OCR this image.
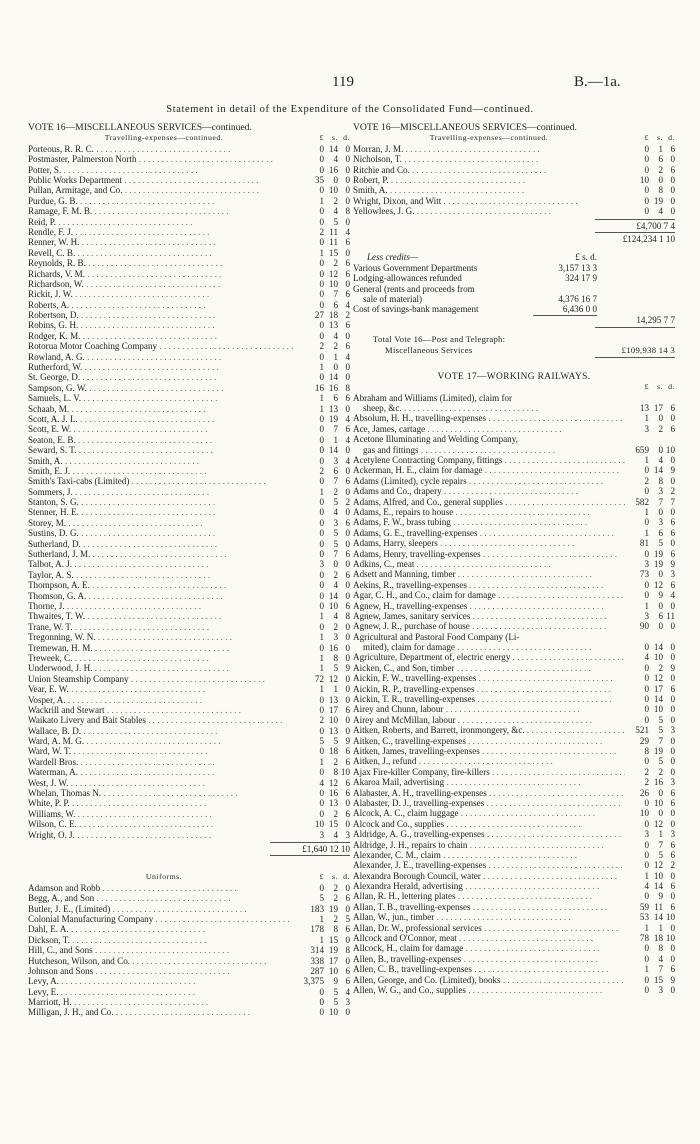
119	B.—1a.
Statement in detail of the Expenditure of the Consolidated Fund—continued.
VOTE 16—MISCELLANEOUS SERVICES—continued.
Travelling-expenses—continued.	£	s. d.
Porteous, R. R. C. . .	0 14 0
Postmaster, Palmerston North . .	0	4 0
Potter, S. . .	0 16 0
Public Works Department . .	35	0 0
Pullan, Armitage, and Co. . .	0 10 0
Purdue, G. B. . .	1	2 0
Ramage, F. M. B. . .	0	4 8
Reid, P. . .	0	5 0
Rendle, F. J. . .	2 11 4
Renner, W. H. . .	0 11 6
Revell, C. B. . .	1 15 0
Reynolds, R. B. . .	0	2 6
Richards, V. M. . .	0 12 6
Richardson, W. . .	0 10 0
Rickit, J. W. . .	0	7 6
Roberts, A. . .	0	6 4
Robertson, D. . .	27 18 2
Robins, G. H. . .	0 13 6
Rodger, K. M. . .	0	4 0
Rotorua Motor Coaching Company . .	2	2 6
Rowland, A. G. . .	0	1 4
Rutherford, W. . .	1	0 0
St. George, D. . .	0 14 0
Sampson, G. W. . .	16 16 8
Samuels, L. V. . .	1	6 6
Schaab, M. . .	1 13 0
Scott, A. J. L. . .	0 19 4
Scott, E. W. . .	0	7 6
Seaton, E. B. . .	0	1 4
Seward, S. T. . .	0 14 0
Smith, A. . .	0	3 4
Smith, E. J. . .	2	6 0
Smith's Taxi-cabs (Limited) . .	0	7 6
Sommers, J. . .	1	2 0
Stanton, S. G. . .	0	5 2
Stenner, H. E. . .	0	4 0
Storey, M. . .	0	3 6
Sustins, D. G. . .	0	5 0
Sutherland, D. . .	0	5 0
Sutherland, J. M. . .	0	7 6
Talbot, A. J. . .	3	0 0
Taylor, A. S. . .	0	2 6
Thompson, A. E. . .	0	4 0
Thomson, G. A. . .	0 14 0
Thorne, J. . .	0 10 6
Thwaites, T. W. . .	1	4 8
Trane, W. T. . .	0	2 0
Tregonning, W. N. . .	1	3 0
Tremewan, H. M. . .	0 16 0
Treweek, C. . .	1	8 0
Underwood, J. H. . .	1	5 9
Union Steamship Company . .	72 12 0
Vear, E. W. . .	1	1 0
Vosper, A. . .	0 13 0
Wackrill and Stewart . .	0 17 6
Waikato Livery and Bait Stables . .	2 10 0
Wallace, B. D. . .	0 13 0
Ward, A. M. G. . .	5	5 9
Ward, W. T. . .	0 18 6
Wardell Bros. . .	1	2 6
Waterman, A. . .	0	8 10
West, J. W. . .	4 12 6
Whelan, Thomas N. . .	0 16 6
White, P. P. . .	0 13 0
Williams, W. . .	0	2 6
Wilson, C. E. . .	10 15 0
Wright, O. J. . .	3	4 3
£1,640 12 10
Uniforms.	£	s. d.
Adamson and Robb . .	0	2 0
Begg, A., and Son . .	5	2 6
Butler, J. E., (Limited) . .	183 19 0
Colonial Manufacturing Company . .	1	2 5
Dahl, E. A. . .	178	8 6
Dickson, T. . .	1 15 0
Hill, C., and Sons . .	314 19 8
Hutcheson, Wilson, and Co. . .	338 17 0
Johnson and Sons . .	287 10 6
Levy, A. . .	3,375	9 6
Levy, E. . .	0	5 4
Marriott, H. . .	0	5 3
Milligan, J. H., and Co. . .	0 10 0
VOTE 16—MISCELLANEOUS SERVICES—continued.
Travelling-expenses—continued.	£	s. d.
Morran, J. M. . .	0	1 6
Nicholson, T. . .	0	6 0
Ritchie and Co. . .	0	2 6
Robert, P. . .	10	0 0
Smith, A. . .	0	8 0
Wright, Dixon, and Witt . .	0 19 0
Yellowlees, J. G. . .	0	4 0
£4,700 7 4
£124,234 1 10
Less credits—	£ s. d.
Various Government Departments	3,157 13 3
Lodging-allowances refunded	324 17 9
General (rents and proceeds from
sale of material)	4,376 16 7
Cost of savings-bank management	6,436 0 0
14,295 7 7
Total Vote 16—Post and Telegraph:
Miscellaneous Services	£109,938 14 3
VOTE 17—WORKING RAILWAYS.
£	s. d.
Abraham and Williams (Limited), claim for
sheep, &c. . .	13 17 6
Absolum, H. H., travelling-expenses . .	1	0 0
Ace, James, cartage . .	3	2 6
Acetone Illuminating and Welding Company,
gas and fittings . .	659	0 10
Acetylene Contracting Company, fittings . .	1	4 0
Ackerman, H. E., claim for damage . .	0 14 9
Adams (Limited), cycle repairs . .	2	8 0
Adams and Co., drapery . .	0	3 2
Adams, Alfred, and Co., general supplies . .	582	7 7
Adams, E., repairs to house . .	1	0 0
Adams, F. W., brass tubing . .	0	3 6
Adams, G. E., travelling-expenses . .	1	6 6
Adams, Harry, sleepers . .	81	5 0
Adams, Henry, travelling-expenses . .	0 19 6
Adkins, C., meat . .	3 19 9
Adsett and Manning, timber . .	73	0 3
Aekins, R., travelling-expenses . .	0 12 6
Agar, C. H., and Co., claim for damage . .	0	9 4
Agnew, H., travelling-expenses . .	1	0 0
Agnew, James, sanitary services . .	3	6 11
Agnew, J. R., purchase of house . .	90	0 0
Agricultural and Pastoral Food Company (Li-
mited), claim for damage . .	0 14 0
Agriculture, Department of, electric energy . .	4 10 0
Aicken, C., and Son, timber . .	0	2 9
Aickin, F. W., travelling-expenses . .	0 12 0
Aickin, R. P., travelling-expenses . .	0 17 6
Aickin, T. R., travelling-expenses . .	0 14 0
Airey and Chunn, labour . .	0 10 0
Airey and McMillan, labour . .	0	5 0
Aitken, Roberts, and Barrett, ironmongery, &c. . .	521	5 3
Aitken, C., travelling-expenses . .	29	7 0
Aitken, James, travelling-expenses . .	8 19 0
Aitken, J., refund . .	0	5 0
Ajax Fire-killer Company, fire-killers . .	2	2 0
Akaroa Mail, advertising . .	2 16 3
Alabaster, A. H., travelling-expenses . .	26	0 6
Alabaster, D. J., travelling-expenses . .	0 10 6
Alcock, A. C., claim luggage . .	10	0 0
Alcock and Co., supplies . .	0 12 0
Aldridge, A. G., travelling-expenses . .	3	1 3
Aldridge, J. H., repairs to chain . .	0	7 6
Alexander, C. M., claim . .	0	5 6
Alexander, J. E., travelling-expenses . .	0 12 2
Alexandra Borough Council, water . .	1 10 0
Alexandra Herald, advertising . .	4 14 6
Allan, R. H., lettering plates . .	0	9 0
Allan, T. B., travelling-expenses . .	59 11 6
Allan, W., jun., timber . .	53 14 10
Allan, Dr. W., professional services . .	1	1 0
Allcock and O'Connor, meat . .	78 18 10
Allcock, H., claim for damage . .	0	8 0
Allen, B., travelling-expenses . .	0	4 0
Allen, C. B., travelling-expenses . .	1	7 6
Allen, George, and Co. (Limited), books . .	0 15 9
Allen, W. G., and Co., supplies . .	0	3 0
